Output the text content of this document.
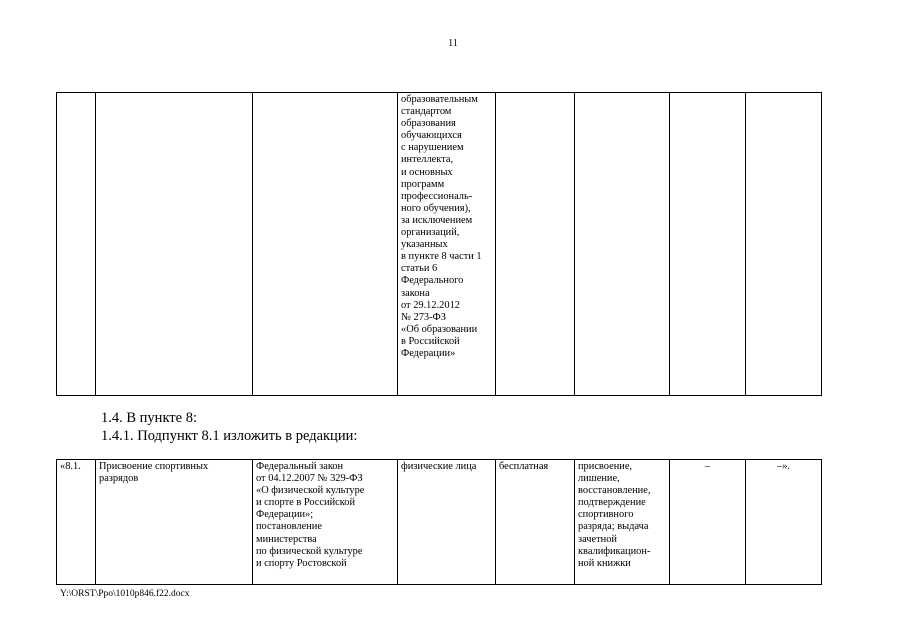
11
			образовательным
стандартом
образования
обучающихся
с нарушением
интеллекта,
и основных
программ
профессиональ-
ного обучения),
за исключением
организаций,
указанных
в пункте 8 части 1
статьи 6
Федерального
закона
от 29.12.2012
№ 273-ФЗ
«Об образовании
в Российской
Федерации»				
1.4. В пункте 8:
1.4.1. Подпункт 8.1 изложить в редакции:
«8.1.	Присвоение спортивных
разрядов	Федеральный закон
от 04.12.2007 № 329-ФЗ
«О физической культуре
и спорте в Российской
Федерации»;
постановление
министерства
по физической культуре
и спорту Ростовской	физические лица	бесплатная	присвоение,
лишение,
восстановление,
подтверждение
спортивного
разряда; выдача
зачетной
квалификацион-
ной книжки	–	–».
Y:\ORST\Ppo\1010p846.f22.docx
